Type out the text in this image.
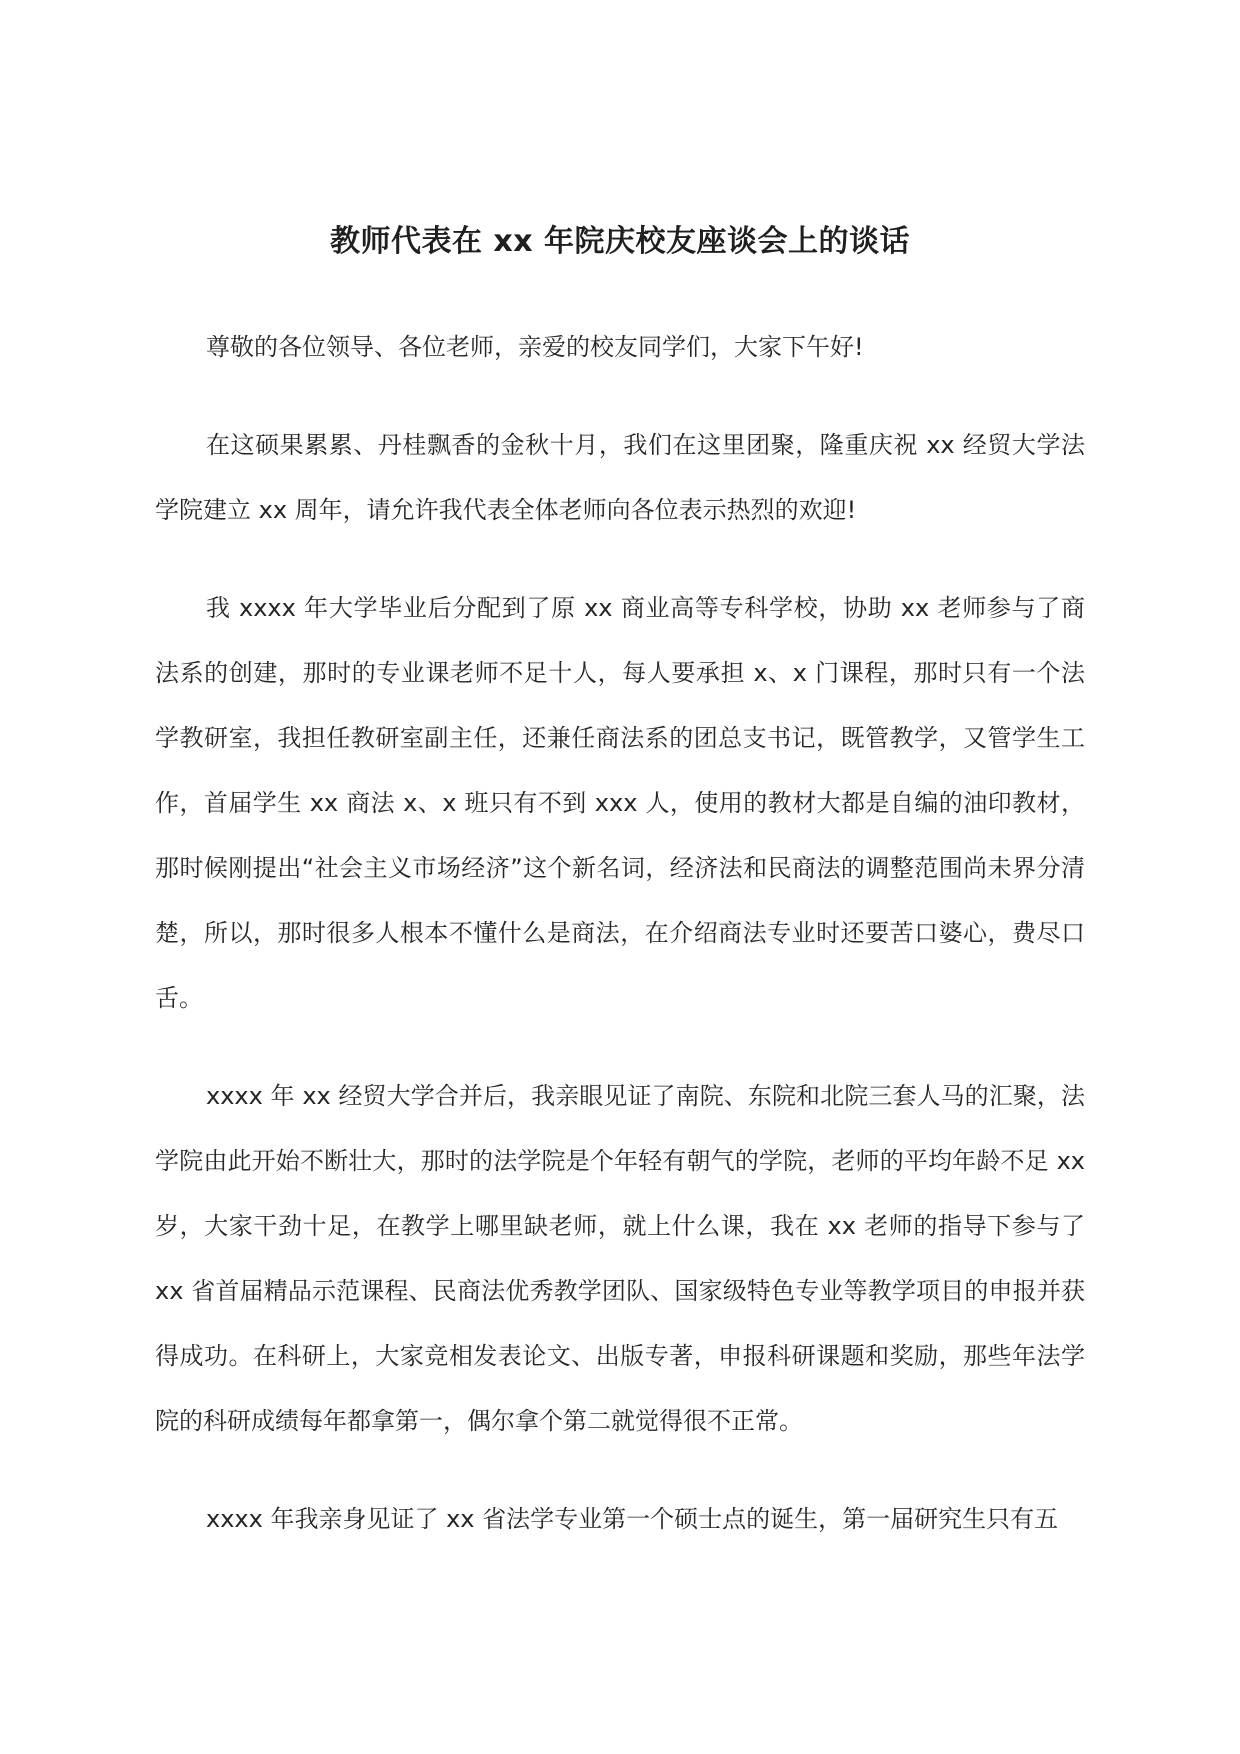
教师代表在 xx 年院庆校友座谈会上的谈话

尊敬的各位领导、各位老师，亲爱的校友同学们，大家下午好!

在这硕果累累、丹桂飘香的金秋十月，我们在这里团聚，隆重庆祝 xx 经贸大学法学院建立 xx 周年，请允许我代表全体老师向各位表示热烈的欢迎!

我 xxxx 年大学毕业后分配到了原 xx 商业高等专科学校，协助 xx 老师参与了商法系的创建，那时的专业课老师不足十人，每人要承担 x、x 门课程，那时只有一个法学教研室，我担任教研室副主任，还兼任商法系的团总支书记，既管教学，又管学生工作，首届学生 xx 商法 x、x 班只有不到 xxx 人，使用的教材大都是自编的油印教材，那时候刚提出“社会主义市场经济”这个新名词，经济法和民商法的调整范围尚未界分清楚，所以，那时很多人根本不懂什么是商法，在介绍商法专业时还要苦口婆心，费尽口舌。

xxxx 年 xx 经贸大学合并后，我亲眼见证了南院、东院和北院三套人马的汇聚，法学院由此开始不断壮大，那时的法学院是个年轻有朝气的学院，老师的平均年龄不足 xx 岁，大家干劲十足，在教学上哪里缺老师，就上什么课，我在 xx 老师的指导下参与了 xx 省首届精品示范课程、民商法优秀教学团队、国家级特色专业等教学项目的申报并获得成功。在科研上，大家竞相发表论文、出版专著，申报科研课题和奖励，那些年法学院的科研成绩每年都拿第一，偶尔拿个第二就觉得很不正常。

xxxx 年我亲身见证了 xx 省法学专业第一个硕士点的诞生，第一届研究生只有五
